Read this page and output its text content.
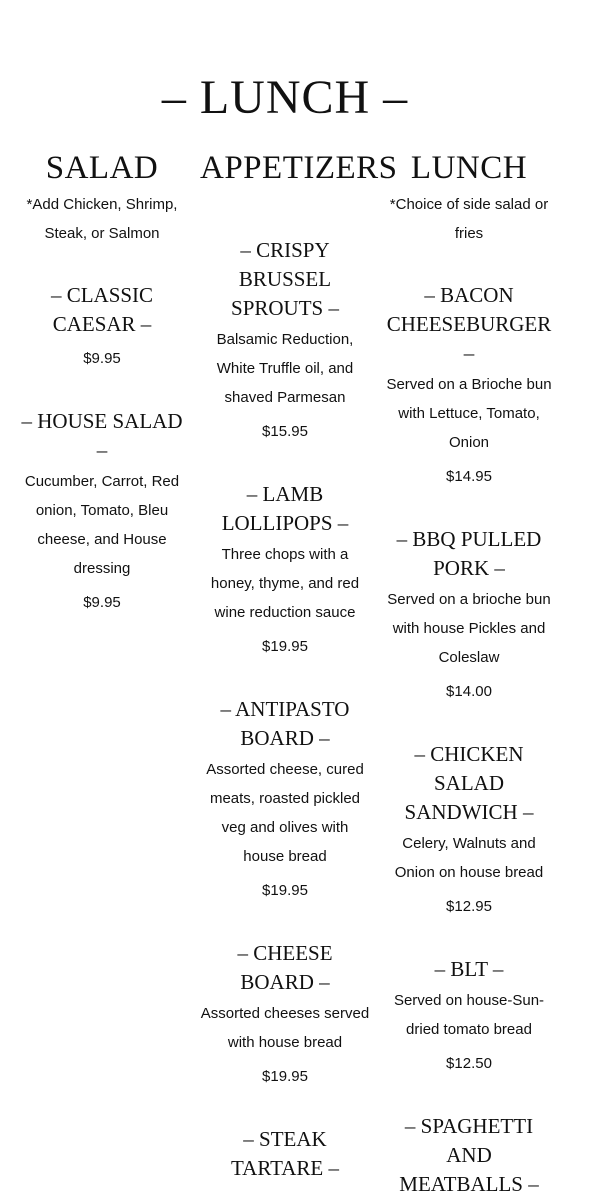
– LUNCH –
SALAD

*Add Chicken, Shrimp, Steak, or Salmon

– CLASSIC CAESAR –
$9.95
– HOUSE SALAD –
Cucumber, Carrot, Red onion, Tomato, Bleu cheese, and House dressing
$9.95
APPETIZERS
– CRISPY BRUSSEL SPROUTS –
Balsamic Reduction, White Truffle oil, and shaved Parmesan
$15.95
– LAMB LOLLIPOPS –
Three chops with a honey, thyme, and red wine reduction sauce
$19.95
– ANTIPASTO BOARD –
Assorted cheese, cured meats, roasted pickled veg and olives with house bread
$19.95
– CHEESE BOARD –
Assorted cheeses served with house bread
$19.95
– STEAK TARTARE –
LUNCH

*Choice of side salad or fries

– BACON CHEESEBURGER –
Served on a Brioche bun with Lettuce, Tomato, Onion
$14.95
– BBQ PULLED PORK –
Served on a brioche bun with house Pickles and Coleslaw
$14.00
– CHICKEN SALAD SANDWICH –
Celery, Walnuts and Onion on house bread
$12.95
– BLT –
Served on house-Sun-dried tomato bread
$12.50
– SPAGHETTI AND MEATBALLS –
